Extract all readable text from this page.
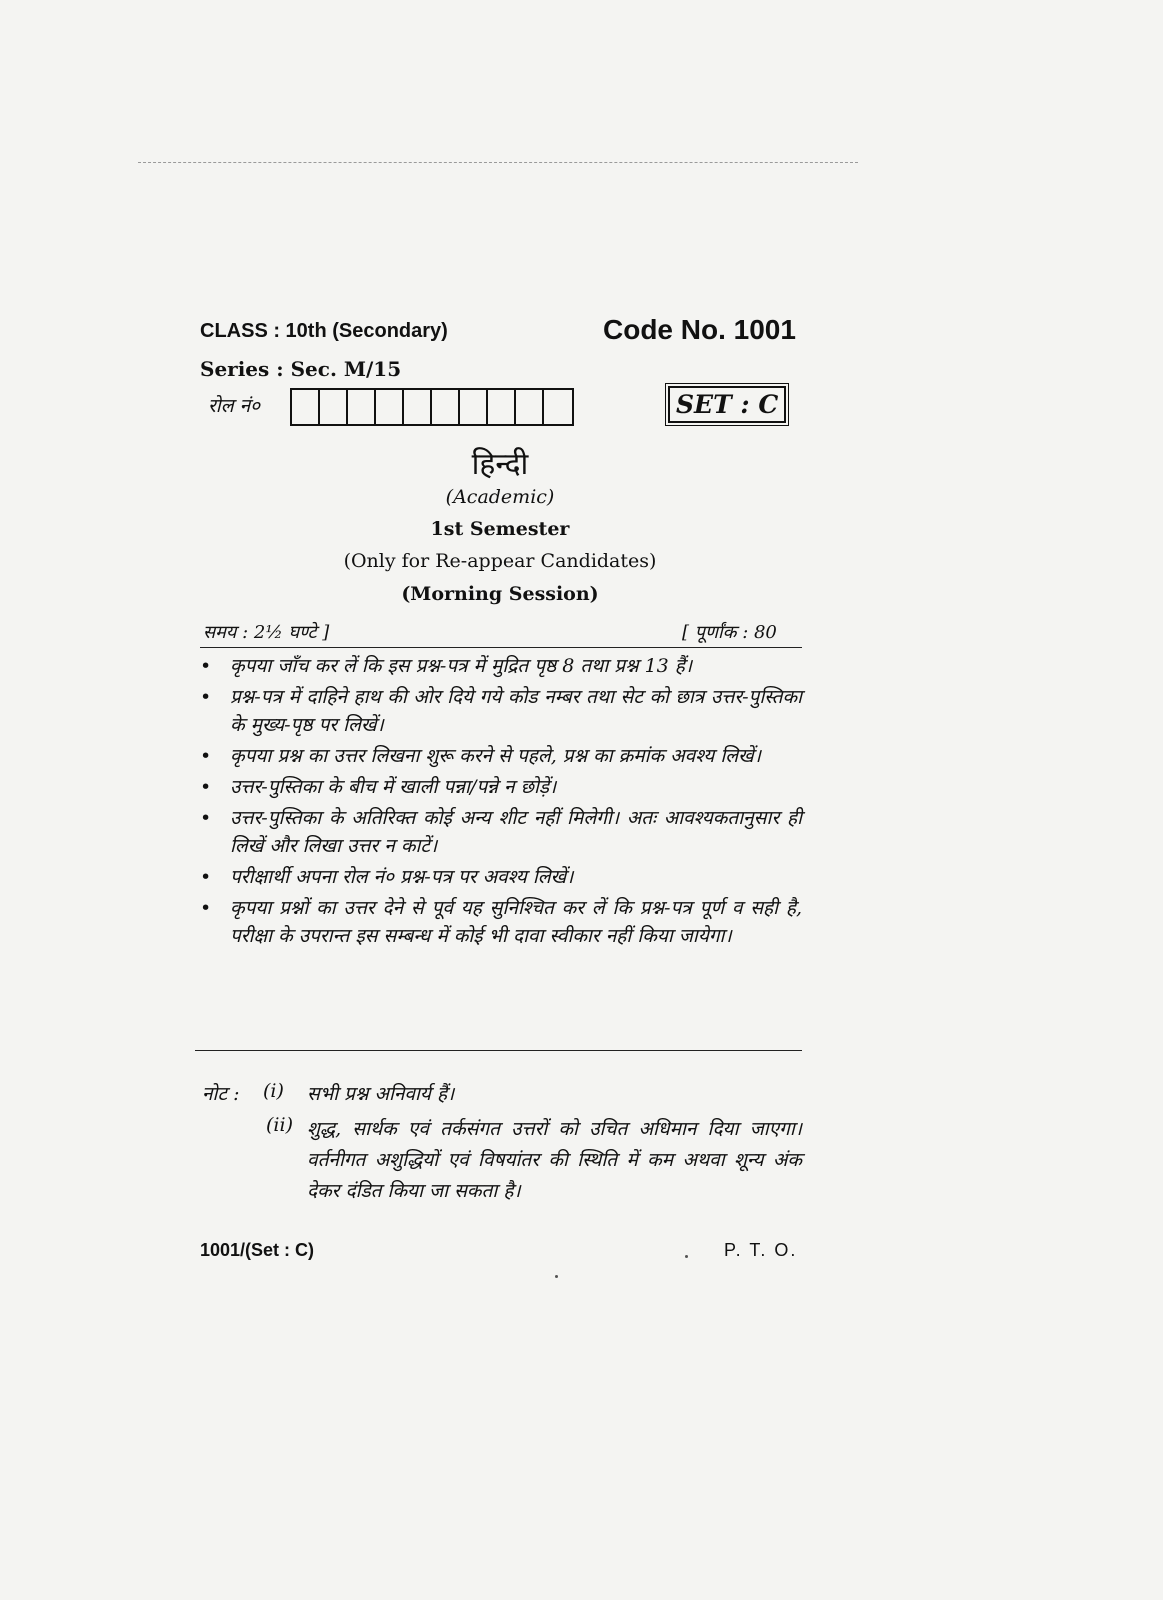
CLASS : 10th (Secondary)	Code No. 1001
Series : Sec. M/15
रोल नं०	SET : C
हिन्दी
(Academic)
1st Semester
(Only for Re-appear Candidates)
(Morning Session)
समय : 2½ घण्टे ]	[ पूर्णांक : 80
• कृपया जाँच कर लें कि इस प्रश्न-पत्र में मुद्रित पृष्ठ 8 तथा प्रश्न 13 हैं।
• प्रश्न-पत्र में दाहिने हाथ की ओर दिये गये कोड नम्बर तथा सेट को छात्र उत्तर-पुस्तिका के मुख्य-पृष्ठ पर लिखें।
• कृपया प्रश्न का उत्तर लिखना शुरू करने से पहले, प्रश्न का क्रमांक अवश्य लिखें।
• उत्तर-पुस्तिका के बीच में खाली पन्ना/पन्ने न छोड़ें।
• उत्तर-पुस्तिका के अतिरिक्त कोई अन्य शीट नहीं मिलेगी। अतः आवश्यकतानुसार ही लिखें और लिखा उत्तर न काटें।
• परीक्षार्थी अपना रोल नं० प्रश्न-पत्र पर अवश्य लिखें।
• कृपया प्रश्नों का उत्तर देने से पूर्व यह सुनिश्चित कर लें कि प्रश्न-पत्र पूर्ण व सही है, परीक्षा के उपरान्त इस सम्बन्ध में कोई भी दावा स्वीकार नहीं किया जायेगा।
नोट : (i) सभी प्रश्न अनिवार्य हैं।
(ii) शुद्ध, सार्थक एवं तर्कसंगत उत्तरों को उचित अधिमान दिया जाएगा। वर्तनीगत अशुद्धियों एवं विषयांतर की स्थिति में कम अथवा शून्य अंक देकर दंडित किया जा सकता है।
1001/(Set : C)	P. T. O.
